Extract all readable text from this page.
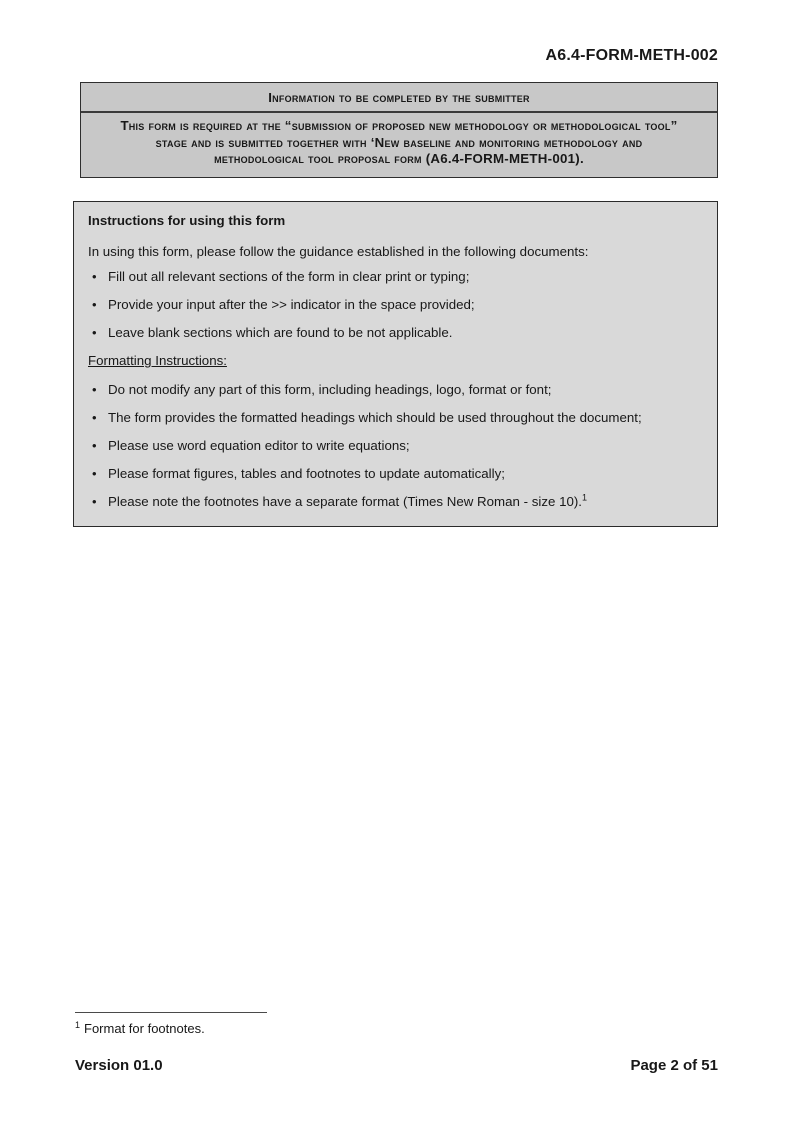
A6.4-FORM-METH-002
Information to be completed by the submitter
This form is required at the “submission of proposed new methodology or methodological tool”
stage and is submitted together with ‘New baseline and monitoring methodology and
methodological tool proposal form (A6.4-FORM-METH-001).
Instructions for using this form

In using this form, please follow the guidance established in the following documents:

• Fill out all relevant sections of the form in clear print or typing;
• Provide your input after the >> indicator in the space provided;
• Leave blank sections which are found to be not applicable.

Formatting Instructions:

• Do not modify any part of this form, including headings, logo, format or font;
• The form provides the formatted headings which should be used throughout the document;
• Please use word equation editor to write equations;
• Please format figures, tables and footnotes to update automatically;
• Please note the footnotes have a separate format (Times New Roman - size 10).$^1$
$^1$ Format for footnotes.
Version 01.0	Page 2 of 51
